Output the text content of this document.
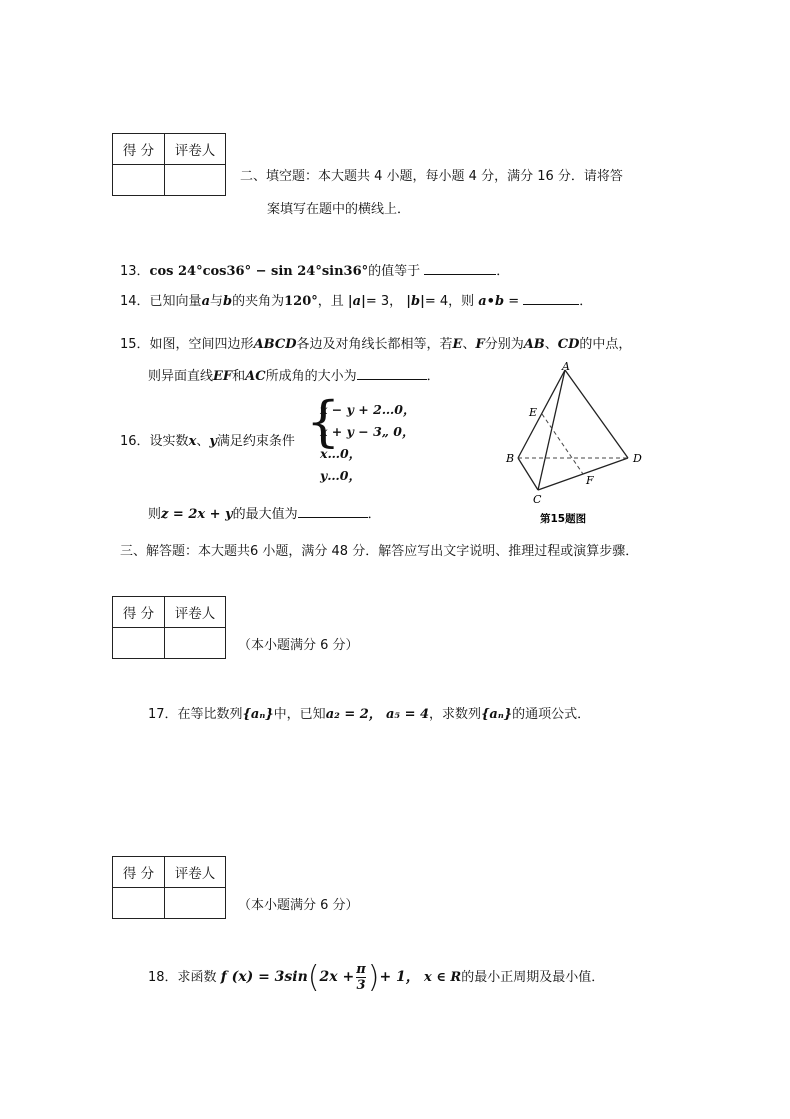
得 分	评卷人

二、填空题：本大题共 4 小题，每小题 4 分，满分 16 分．请将答
案填写在题中的横线上．
13．cos 24°cos36° − sin 24°sin36°的值等于	．
14．已知向量a与b的夹角为120°，且 |a|= 3， |b|= 4，则 a•b =	．
15．如图，空间四边形ABCD各边及对角线长都相等，若E、F分别为AB、CD的中点，
则异面直线EF和AC所成角的大小为	．
16．设实数x、y满足约束条件 {
x − y + 2…0，
x + y − 3„ 0，
x…0，
y…0，
则z = 2x + y的最大值为	．
A
B
C
D
E
F
第15题图
三、解答题：本大题共6 小题，满分 48 分．解答应写出文字说明、推理过程或演算步骤．
得 分	评卷人

（本小题满分 6 分）
17．在等比数列{aₙ}中，已知a₂ = 2， a₅ = 4，求数列{aₙ}的通项公式．
得 分	评卷人

（本小题满分 6 分）
18．求函数 f $(x) = 3\sin(2x + \frac{\pi}{3}$ )+ 1， x ∈ R的最小正周期及最小值．
